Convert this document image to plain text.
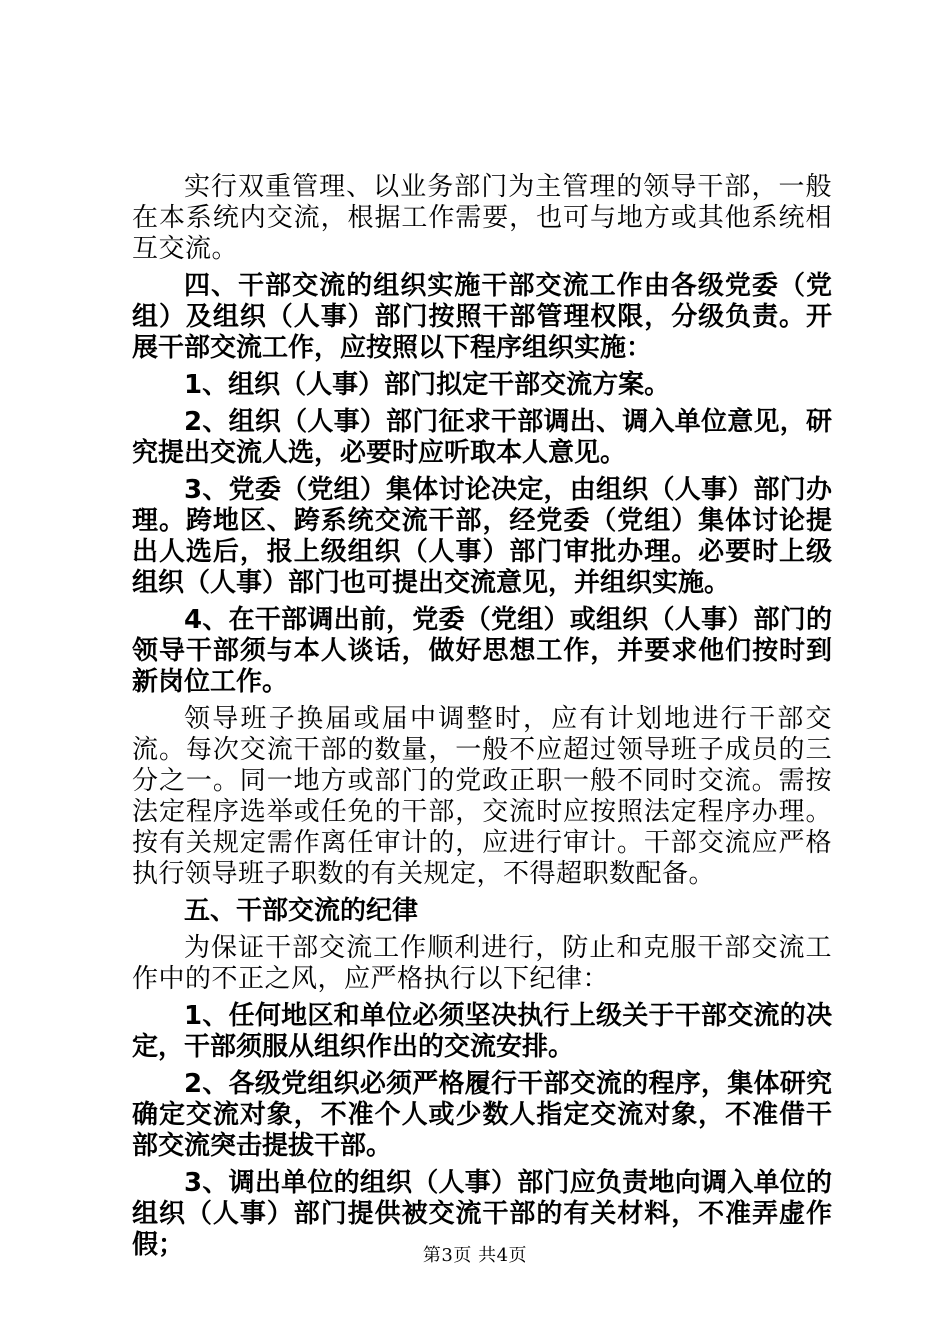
实行双重管理、以业务部门为主管理的领导干部，一般在本系统内交流，根据工作需要，也可与地方或其他系统相互交流。

四、干部交流的组织实施干部交流工作由各级党委（党组）及组织（人事）部门按照干部管理权限，分级负责。开展干部交流工作，应按照以下程序组织实施：

1、组织（人事）部门拟定干部交流方案。

2、组织（人事）部门征求干部调出、调入单位意见，研究提出交流人选，必要时应听取本人意见。

3、党委（党组）集体讨论决定，由组织（人事）部门办理。跨地区、跨系统交流干部，经党委（党组）集体讨论提出人选后，报上级组织（人事）部门审批办理。必要时上级组织（人事）部门也可提出交流意见，并组织实施。

4、在干部调出前，党委（党组）或组织（人事）部门的领导干部须与本人谈话，做好思想工作，并要求他们按时到新岗位工作。

领导班子换届或届中调整时，应有计划地进行干部交流。每次交流干部的数量，一般不应超过领导班子成员的三分之一。同一地方或部门的党政正职一般不同时交流。需按法定程序选举或任免的干部，交流时应按照法定程序办理。按有关规定需作离任审计的，应进行审计。干部交流应严格执行领导班子职数的有关规定，不得超职数配备。

五、干部交流的纪律

为保证干部交流工作顺利进行，防止和克服干部交流工作中的不正之风，应严格执行以下纪律：

1、任何地区和单位必须坚决执行上级关于干部交流的决定，干部须服从组织作出的交流安排。

2、各级党组织必须严格履行干部交流的程序，集体研究确定交流对象，不准个人或少数人指定交流对象，不准借干部交流突击提拔干部。

3、调出单位的组织（人事）部门应负责地向调入单位的组织（人事）部门提供被交流干部的有关材料，不准弄虚作假；	第3页 共4页
